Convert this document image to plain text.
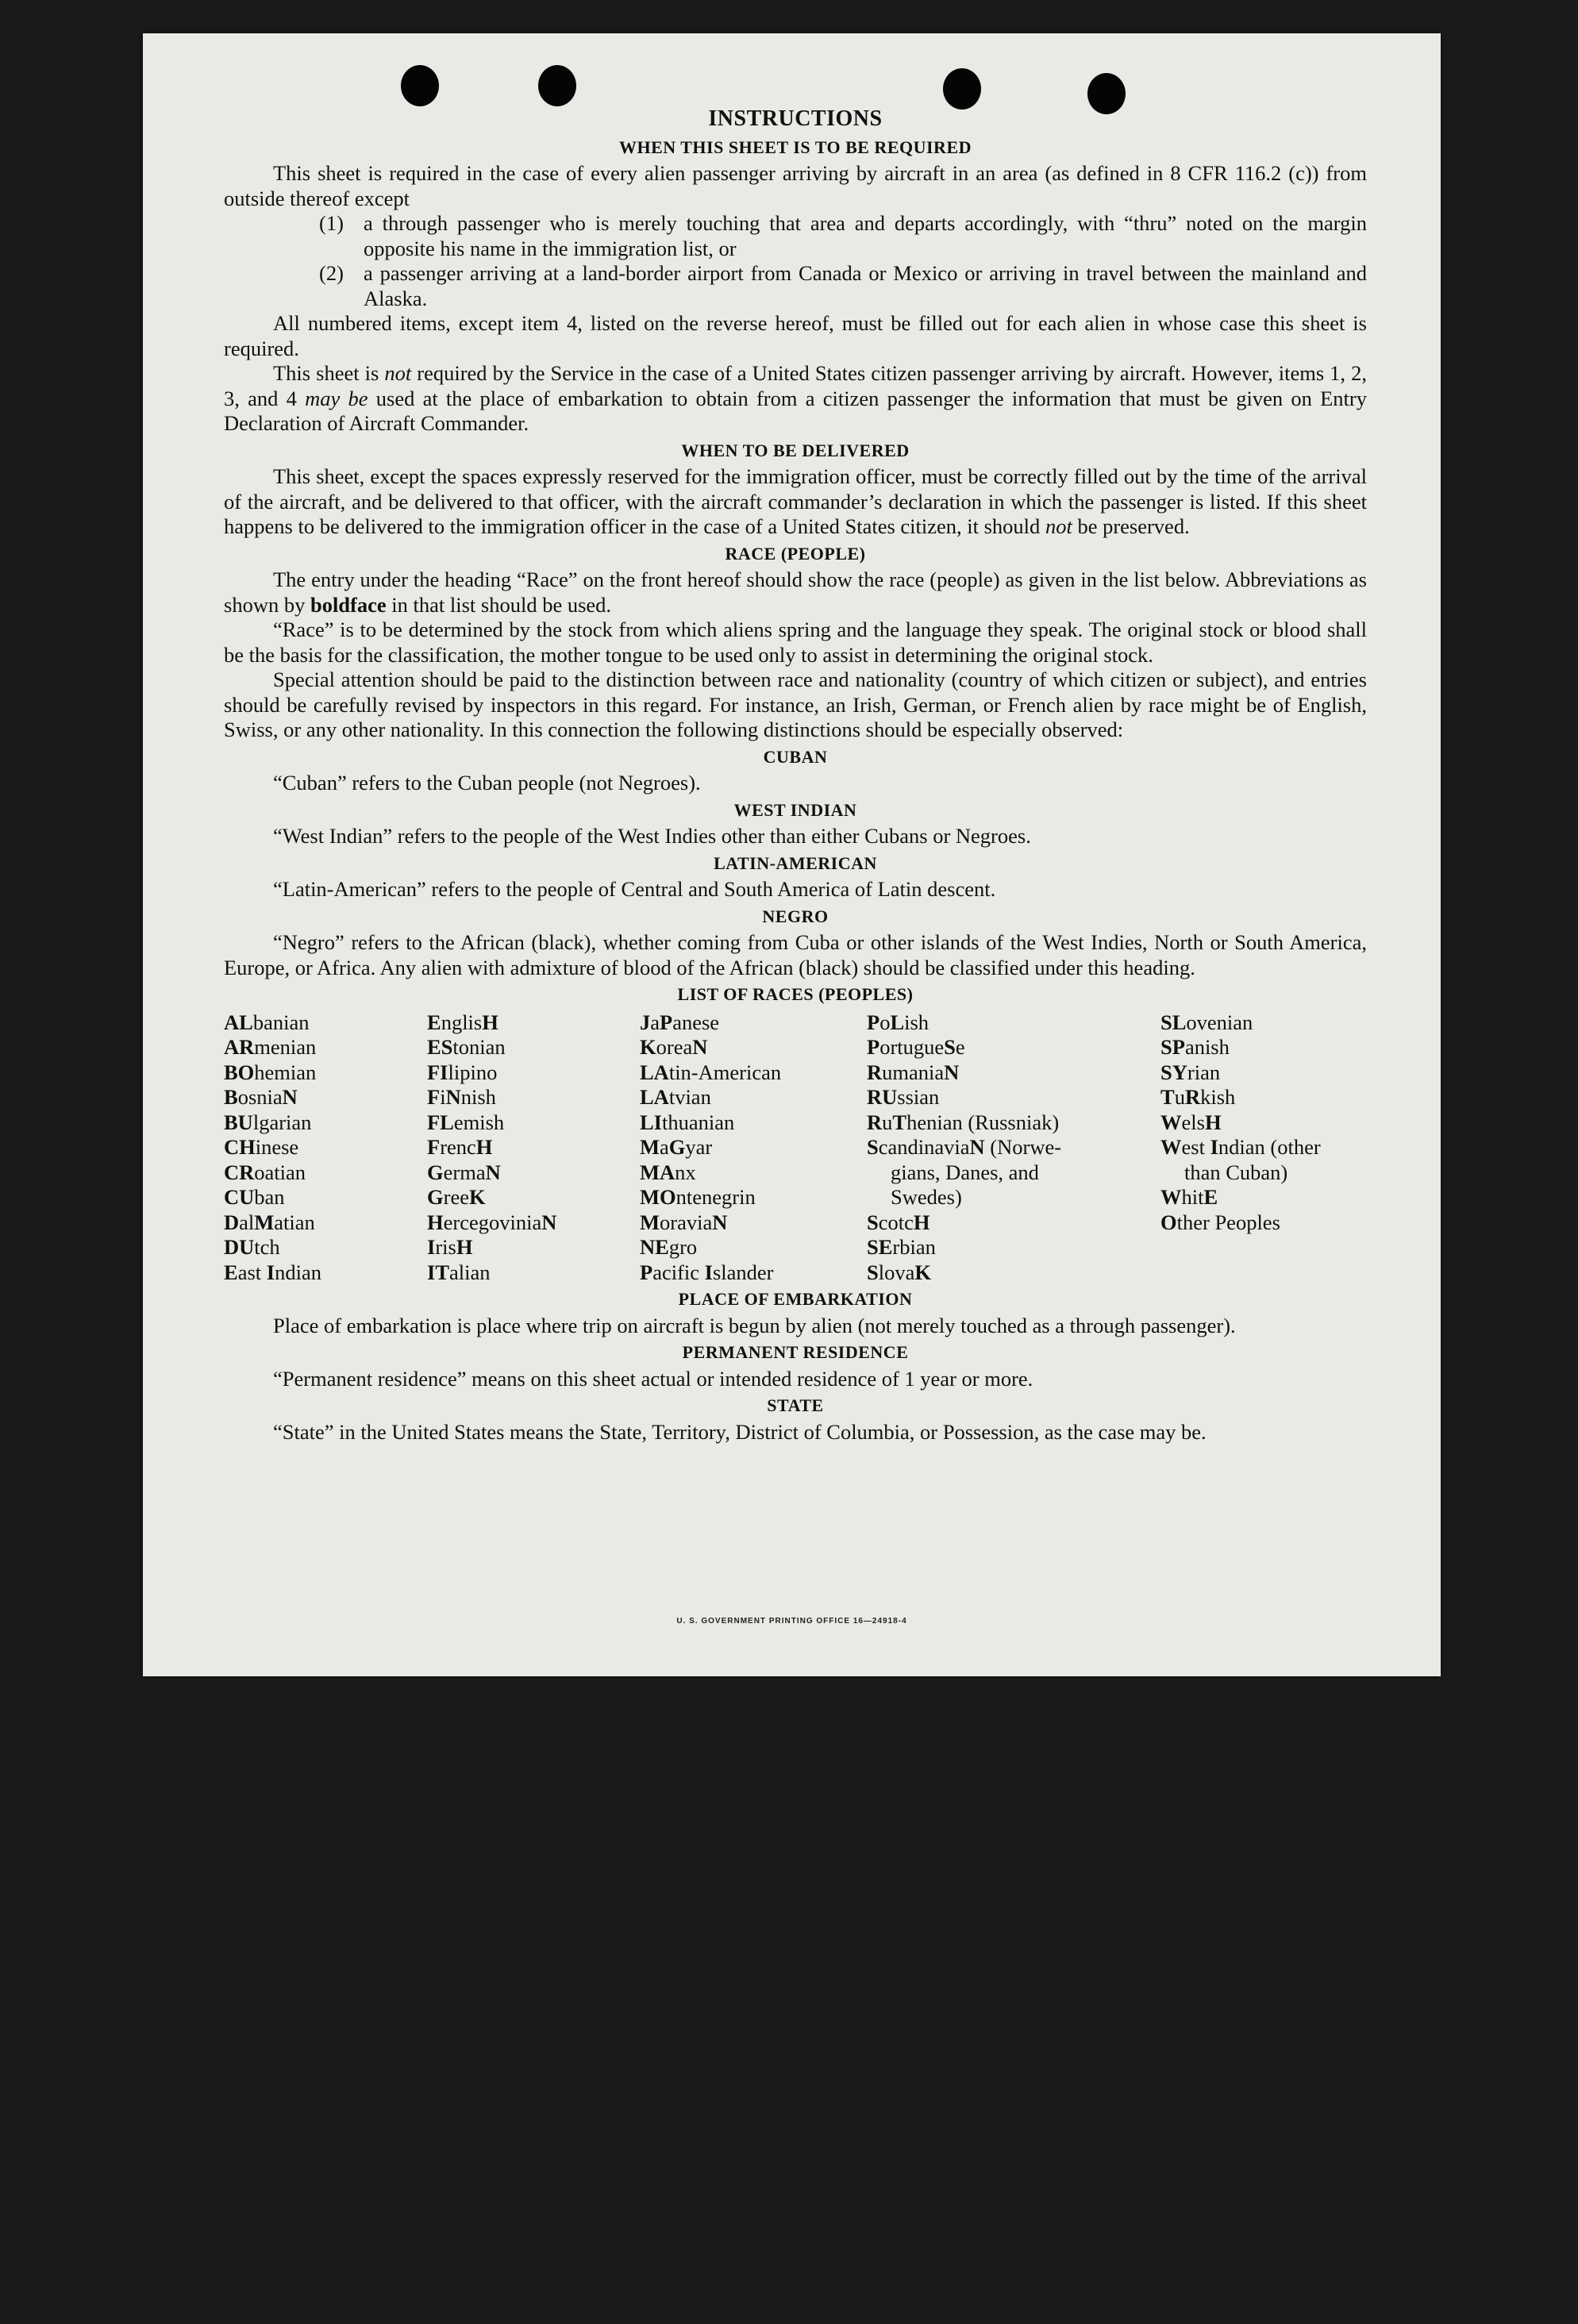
INSTRUCTIONS
WHEN THIS SHEET IS TO BE REQUIRED

This sheet is required in the case of every alien passenger arriving by aircraft in an area (as defined in 8 CFR 116.2 (c)) from outside thereof except

(1) a through passenger who is merely touching that area and departs accordingly, with “thru” noted on the margin opposite his name in the immigration list, or
(2) a passenger arriving at a land-border airport from Canada or Mexico or arriving in travel between the mainland and Alaska.

All numbered items, except item 4, listed on the reverse hereof, must be filled out for each alien in whose case this sheet is required.

This sheet is not required by the Service in the case of a United States citizen passenger arriving by aircraft. However, items 1, 2, 3, and 4 may be used at the place of embarkation to obtain from a citizen passenger the information that must be given on Entry Declaration of Aircraft Commander.

WHEN TO BE DELIVERED

This sheet, except the spaces expressly reserved for the immigration officer, must be correctly filled out by the time of the arrival of the aircraft, and be delivered to that officer, with the aircraft commander’s declaration in which the passenger is listed. If this sheet happens to be delivered to the immigration officer in the case of a United States citizen, it should not be preserved.

RACE (PEOPLE)

The entry under the heading “Race” on the front hereof should show the race (people) as given in the list below. Abbreviations as shown by boldface in that list should be used.

“Race” is to be determined by the stock from which aliens spring and the language they speak. The original stock or blood shall be the basis for the classification, the mother tongue to be used only to assist in determining the original stock.

Special attention should be paid to the distinction between race and nationality (country of which citizen or subject), and entries should be carefully revised by inspectors in this regard. For instance, an Irish, German, or French alien by race might be of English, Swiss, or any other nationality. In this connection the following distinctions should be especially observed:

CUBAN

“Cuban” refers to the Cuban people (not Negroes).

WEST INDIAN

“West Indian” refers to the people of the West Indies other than either Cubans or Negroes.

LATIN-AMERICAN

“Latin-American” refers to the people of Central and South America of Latin descent.

NEGRO

“Negro” refers to the African (black), whether coming from Cuba or other islands of the West Indies, North or South America, Europe, or Africa. Any alien with admixture of blood of the African (black) should be classified under this heading.

LIST OF RACES (PEOPLES)
ALbanian
ARmenian
BOhemian
BosniaN
BUlgarian
CHinese
CRoatian
CUban
DalMatian
DUtch
East Indian
EnglisH
EStonian
FIlipino
FiNnish
FLemish
FrencH
GermaN
GreeK
HercegoviniaN
IrisH
ITalian
JaPanese
KoreaN
LAtin-American
LAtvian
LIthuanian
MaGyar
MAnx
MOntenegrin
MoraviaN
NEgro
Pacific Islander
PoLish
PortugueSe
RumaniaN
RUssian
RuThenian (Russniak)
ScandinaviaN (Norwe-
gians, Danes, and
Swedes)
ScotcH
SErbian
SlovaK
SLovenian
SPanish
SYrian
TuRkish
WelsH
West Indian (other
than Cuban)
WhitE
Other Peoples
PLACE OF EMBARKATION

Place of embarkation is place where trip on aircraft is begun by alien (not merely touched as a through passenger).

PERMANENT RESIDENCE

“Permanent residence” means on this sheet actual or intended residence of 1 year or more.

STATE

“State” in the United States means the State, Territory, District of Columbia, or Possession, as the case may be.

U. S. GOVERNMENT PRINTING OFFICE 16—24918-4
